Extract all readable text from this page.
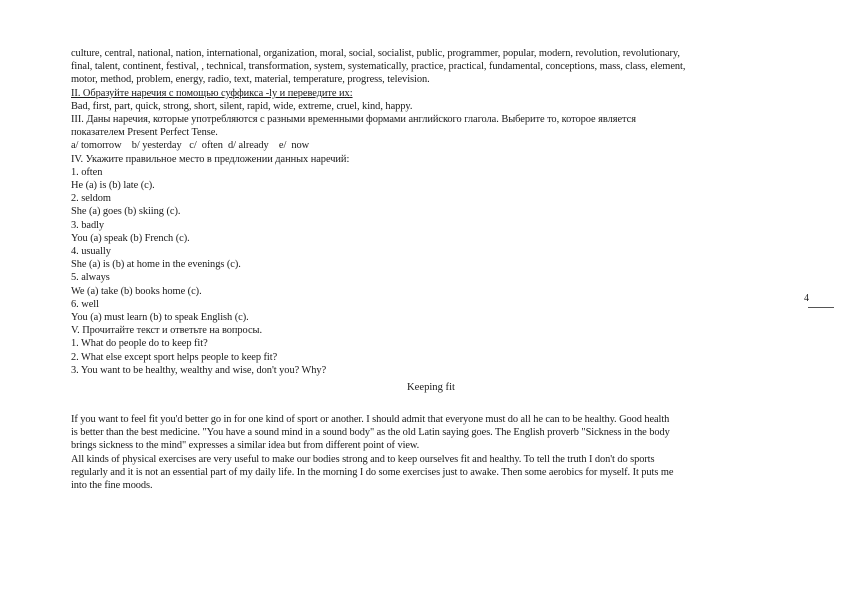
culture, central, national, nation, international, organization, moral, social, socialist, public, programmer, popular, modern, revolution, revolutionary,
final, talent, continent, festival, , technical, transformation, system, systematically, practice, practical, fundamental, conceptions, mass, class, element,
motor, method, problem, energy, radio, text, material, temperature, progress, television.
II. Образуйте наречия с помощью суффикса -ly и переведите их:
Bad, first, part, quick, strong, short, silent, rapid, wide, extreme, cruel, kind, happy.
III. Даны наречия, которые употребляются с разными временными формами английского глагола. Выберите то, которое является
показателем Present Perfect Tense.
a/ tomorrow    b/ yesterday   c/  often  d/ already    e/  now
IV. Укажите правильное место в предложении данных наречий:
1. often
He (a) is (b) late (c).
2. seldom
She (a) goes (b) skiing (c).
3. badly
You (a) speak (b) French (c).
4. usually
She (a) is (b) at home in the evenings (c).
5. always
We (a) take (b) books home (c).
6. well
You (a) must learn (b) to speak English (c).
V. Прочитайте текст и ответьте на вопросы.
1. What do people do to keep fit?
2. What else except sport helps people to keep fit?
3. You want to be healthy, wealthy and wise, don't you? Why?
Keeping fit
If you want to feel fit you'd better go in for one kind of sport or another. I should admit that everyone must do all he can to be healthy. Good health
is better than the best medicine. "You have a sound mind in a sound body" as the old Latin saying goes. The English proverb "Sickness in the body
brings sickness to the mind" expresses a similar idea but from different point of view.
All kinds of physical exercises are very useful to make our bodies strong and to keep ourselves fit and healthy. To tell the truth I don't do sports
regularly and it is not an essential part of my daily life. In the morning I do some exercises just to awake. Then some aerobics for myself. It puts me
into the fine moods.
4
